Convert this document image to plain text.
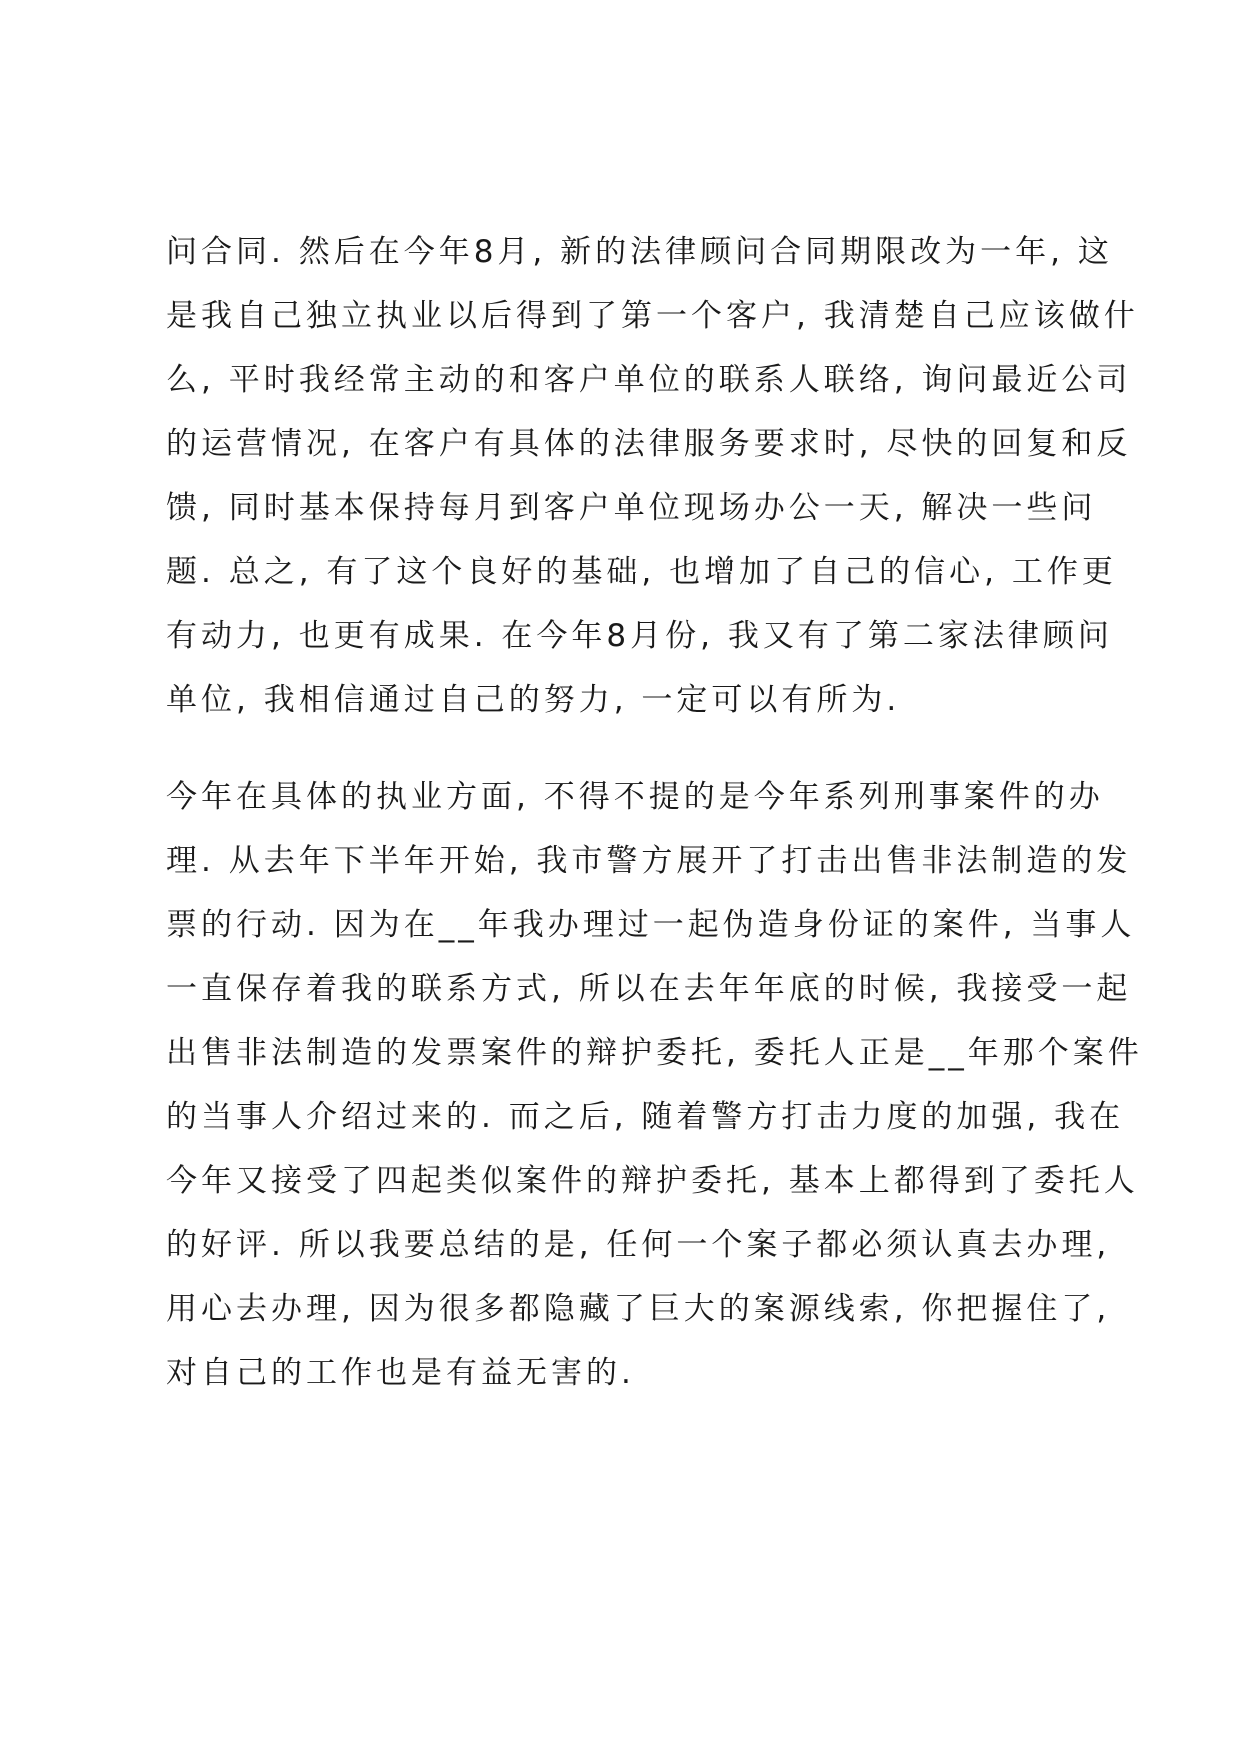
问合同. 然后在今年8月, 新的法律顾问合同期限改为一年, 这
是我自己独立执业以后得到了第一个客户, 我清楚自己应该做什
么, 平时我经常主动的和客户单位的联系人联络, 询问最近公司
的运营情况, 在客户有具体的法律服务要求时, 尽快的回复和反
馈, 同时基本保持每月到客户单位现场办公一天, 解决一些问
题. 总之, 有了这个良好的基础, 也增加了自己的信心, 工作更
有动力, 也更有成果. 在今年8月份, 我又有了第二家法律顾问
单位, 我相信通过自己的努力, 一定可以有所为.
今年在具体的执业方面, 不得不提的是今年系列刑事案件的办
理. 从去年下半年开始, 我市警方展开了打击出售非法制造的发
票的行动. 因为在__年我办理过一起伪造身份证的案件, 当事人
一直保存着我的联系方式, 所以在去年年底的时候, 我接受一起
出售非法制造的发票案件的辩护委托, 委托人正是__年那个案件
的当事人介绍过来的. 而之后, 随着警方打击力度的加强, 我在
今年又接受了四起类似案件的辩护委托, 基本上都得到了委托人
的好评. 所以我要总结的是, 任何一个案子都必须认真去办理,
用心去办理, 因为很多都隐藏了巨大的案源线索, 你把握住了,
对自己的工作也是有益无害的.
